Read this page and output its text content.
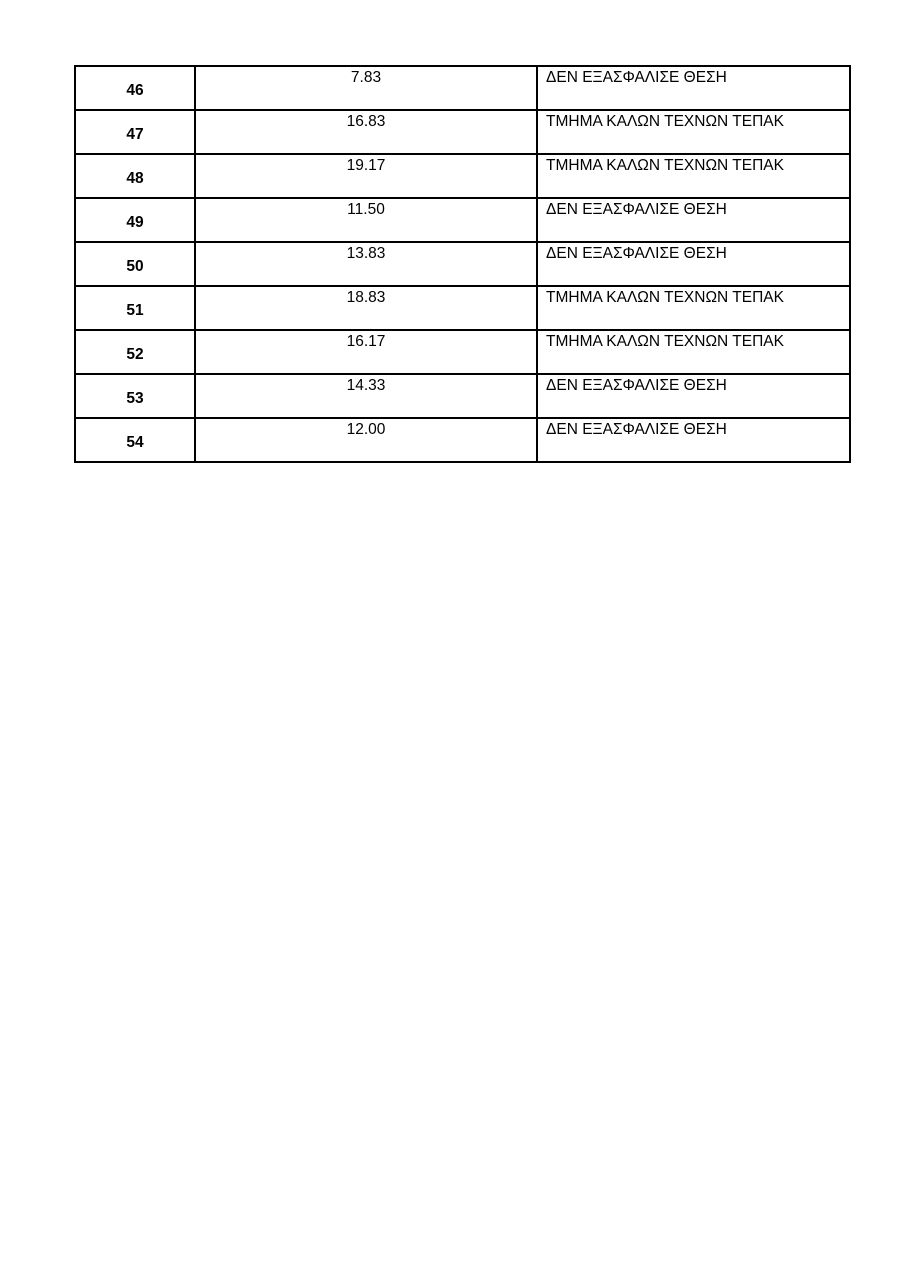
46	7.83	ΔΕΝ ΕΞΑΣΦΑΛΙΣΕ ΘΕΣΗ
47	16.83	ΤΜΗΜΑ ΚΑΛΩΝ ΤΕΧΝΩΝ ΤΕΠΑΚ
48	19.17	ΤΜΗΜΑ ΚΑΛΩΝ ΤΕΧΝΩΝ ΤΕΠΑΚ
49	11.50	ΔΕΝ ΕΞΑΣΦΑΛΙΣΕ ΘΕΣΗ
50	13.83	ΔΕΝ ΕΞΑΣΦΑΛΙΣΕ ΘΕΣΗ
51	18.83	ΤΜΗΜΑ ΚΑΛΩΝ ΤΕΧΝΩΝ ΤΕΠΑΚ
52	16.17	ΤΜΗΜΑ ΚΑΛΩΝ ΤΕΧΝΩΝ ΤΕΠΑΚ
53	14.33	ΔΕΝ ΕΞΑΣΦΑΛΙΣΕ ΘΕΣΗ
54	12.00	ΔΕΝ ΕΞΑΣΦΑΛΙΣΕ ΘΕΣΗ
